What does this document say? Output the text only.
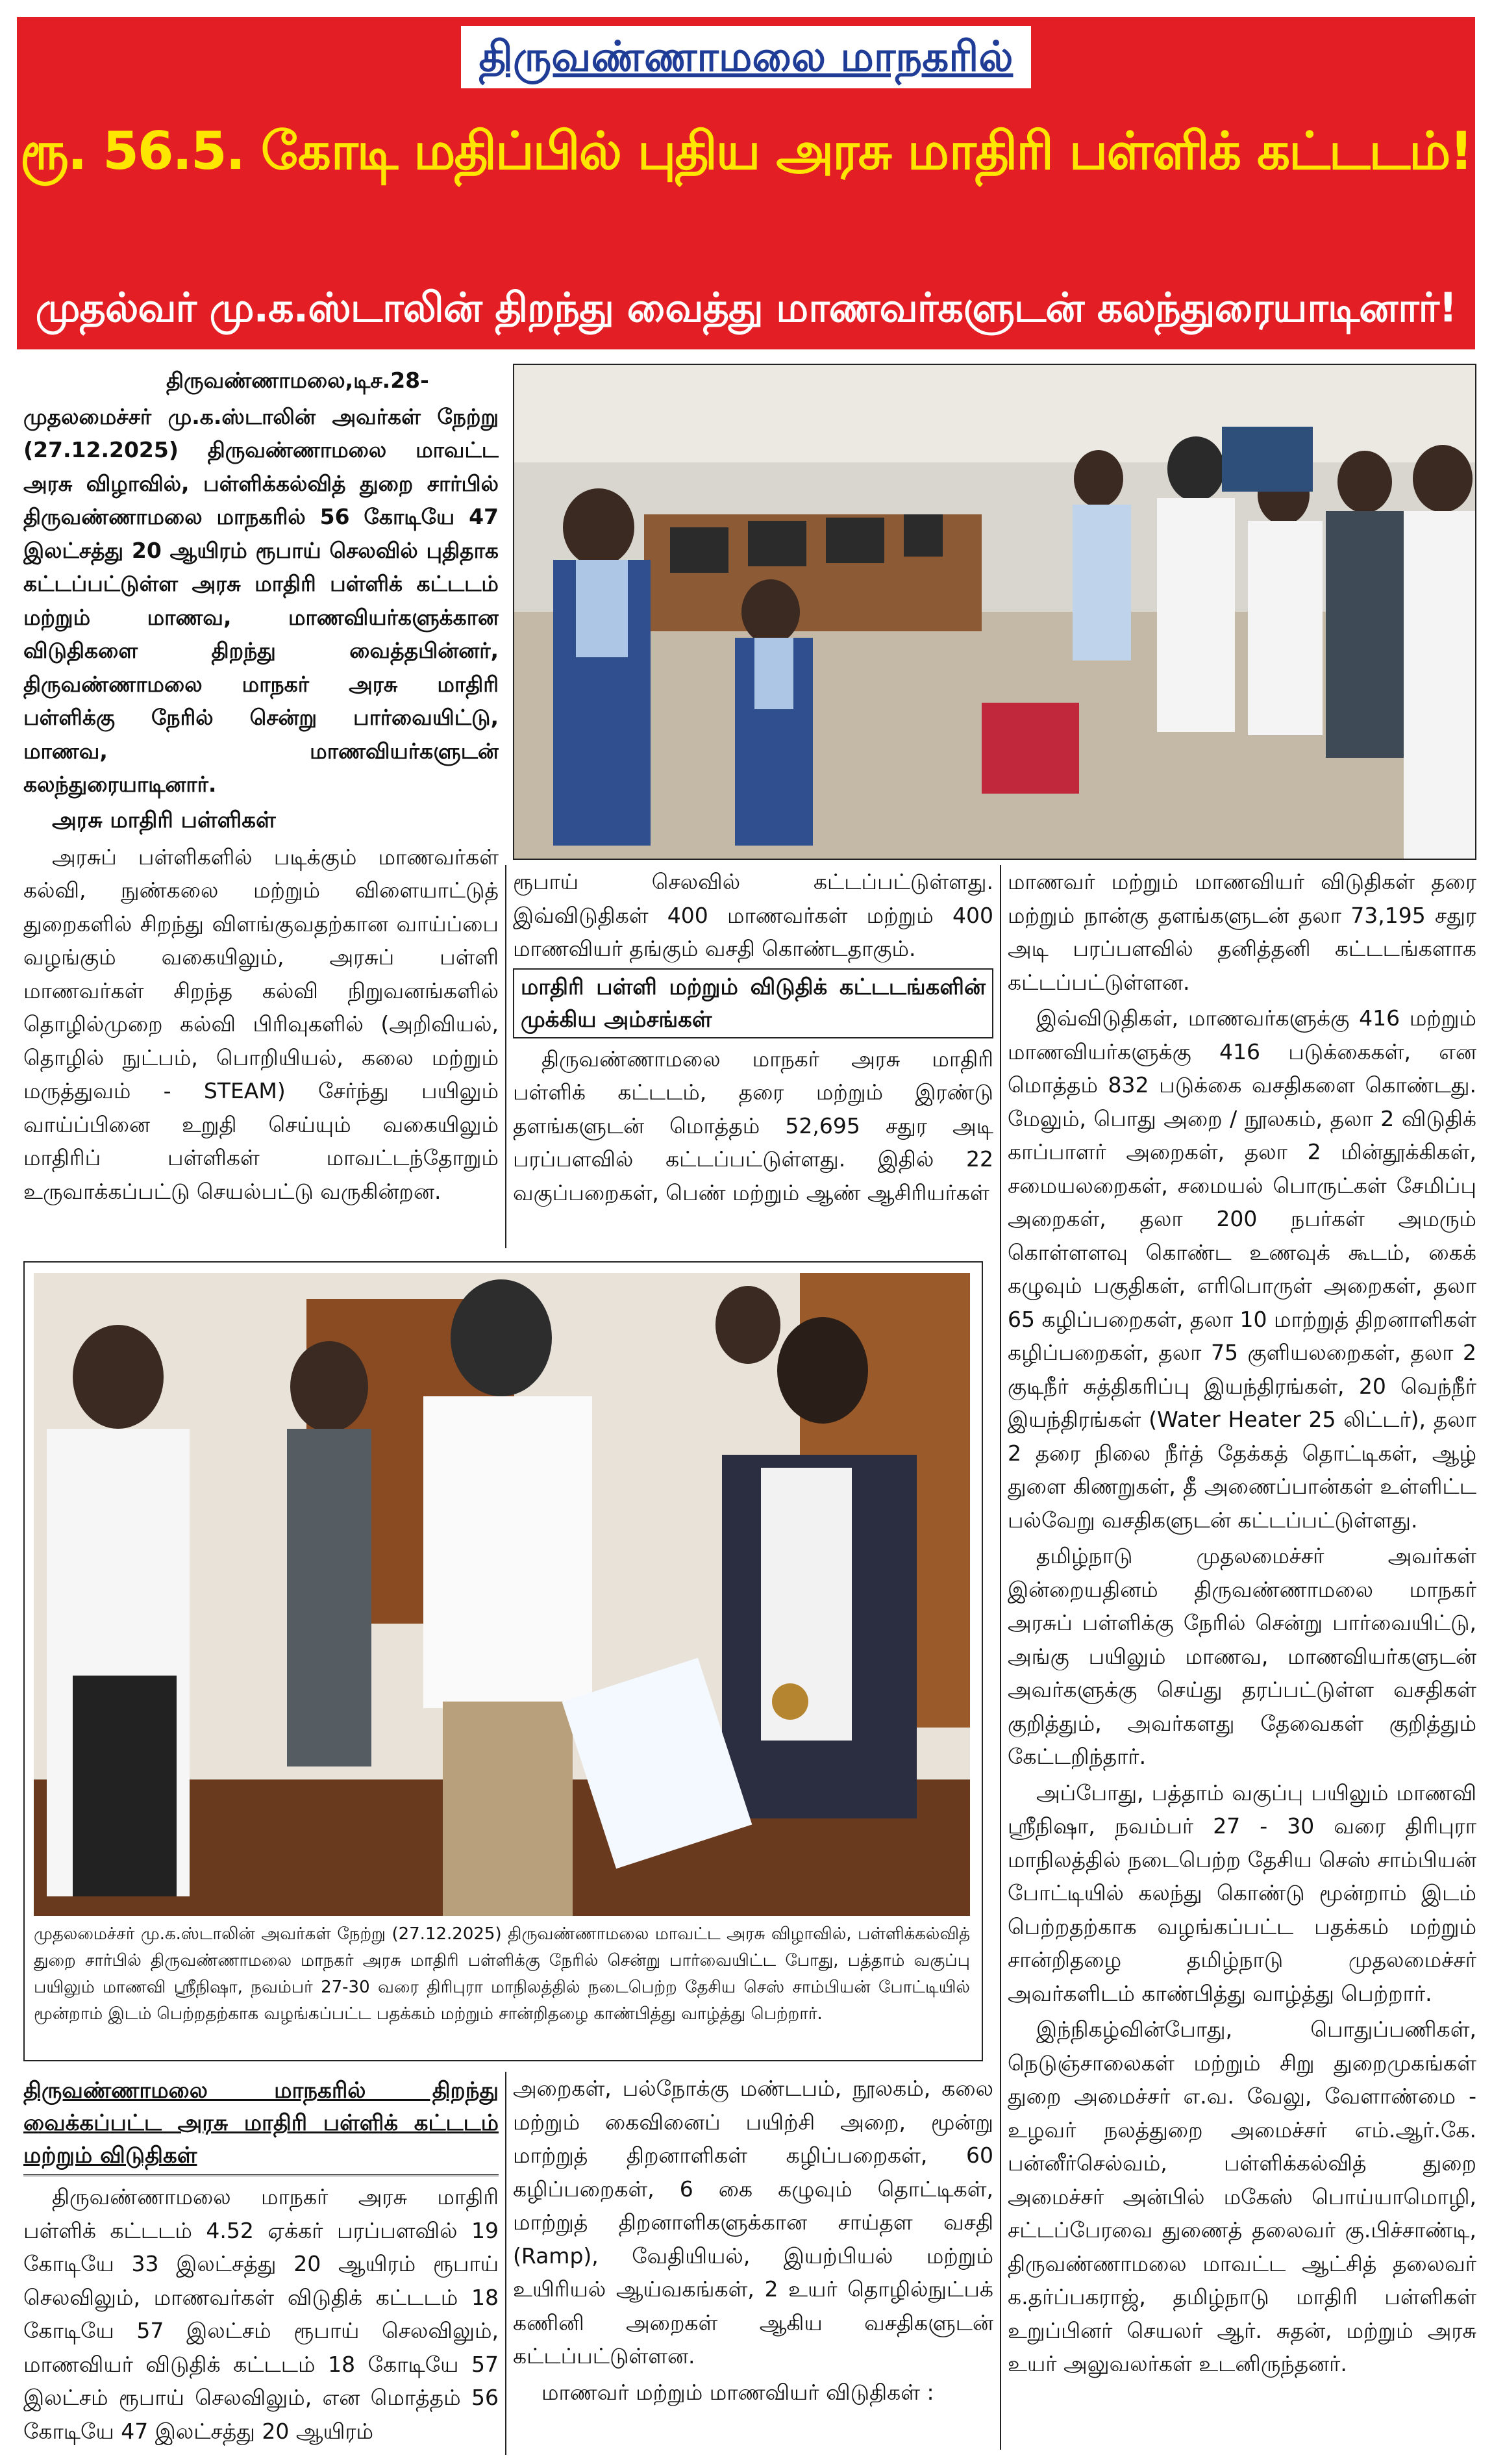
திருவண்ணாமலை மாநகரில்
ரூ. 56.5. கோடி மதிப்பில் புதிய அரசு மாதிரி பள்ளிக் கட்டடம்!
முதல்வர் மு.க.ஸ்டாலின் திறந்து வைத்து மாணவர்களுடன் கலந்துரையாடினார்!

திருவண்ணாமலை,டிச.28-

முதலமைச்சர் மு.க.ஸ்டாலின் அவர்கள் நேற்று (27.12.2025) திருவண்ணாமலை மாவட்ட அரசு விழாவில், பள்ளிக்கல்வித் துறை சார்பில் திருவண்ணாமலை மாநகரில் 56 கோடியே 47 இலட்சத்து 20 ஆயிரம் ரூபாய் செலவில் புதிதாக கட்டப்பட்டுள்ள அரசு மாதிரி பள்ளிக் கட்டடம் மற்றும் மாணவ, மாணவியர்களுக்கான விடுதிகளை திறந்து வைத்தபின்னர், திருவண்ணாமலை மாநகர் அரசு மாதிரி பள்ளிக்கு நேரில் சென்று பார்வையிட்டு, மாணவ, மாணவியர்களுடன் கலந்துரையாடினார்.

அரசு மாதிரி பள்ளிகள்

அரசுப் பள்ளிகளில் படிக்கும் மாணவர்கள் கல்வி, நுண்கலை மற்றும் விளையாட்டுத் துறைகளில் சிறந்து விளங்குவதற்கான வாய்ப்பை வழங்கும் வகையிலும், அரசுப் பள்ளி மாணவர்கள் சிறந்த கல்வி நிறுவனங்களில் தொழில்முறை கல்வி பிரிவுகளில் (அறிவியல், தொழில் நுட்பம், பொறியியல், கலை மற்றும் மருத்துவம் - STEAM) சேர்ந்து பயிலும் வாய்ப்பினை உறுதி செய்யும் வகையிலும் மாதிரிப் பள்ளிகள் மாவட்டந்தோறும் உருவாக்கப்பட்டு செயல்பட்டு வருகின்றன.

ரூபாய் செலவில் கட்டப்பட்டுள்ளது. இவ்விடுதிகள் 400 மாணவர்கள் மற்றும் 400 மாணவியர் தங்கும் வசதி கொண்டதாகும்.

மாதிரி பள்ளி மற்றும் விடுதிக் கட்டடங்களின் முக்கிய அம்சங்கள்

திருவண்ணாமலை மாநகர் அரசு மாதிரி பள்ளிக் கட்டடம், தரை மற்றும் இரண்டு தளங்களுடன் மொத்தம் 52,695 சதுர அடி பரப்பளவில் கட்டப்பட்டுள்ளது. இதில் 22 வகுப்பறைகள், பெண் மற்றும் ஆண் ஆசிரியர்கள்

மாணவர் மற்றும் மாணவியர் விடுதிகள் தரை மற்றும் நான்கு தளங்களுடன் தலா 73,195 சதுர அடி பரப்பளவில் தனித்தனி கட்டடங்களாக கட்டப்பட்டுள்ளன.

இவ்விடுதிகள், மாணவர்களுக்கு 416 மற்றும் மாணவியர்களுக்கு 416 படுக்கைகள், என மொத்தம் 832 படுக்கை வசதிகளை கொண்டது. மேலும், பொது அறை / நூலகம், தலா 2 விடுதிக் காப்பாளர் அறைகள், தலா 2 மின்தூக்கிகள், சமையலறைகள், சமையல் பொருட்கள் சேமிப்பு அறைகள், தலா 200 நபர்கள் அமரும் கொள்ளளவு கொண்ட உணவுக் கூடம், கைக் கழுவும் பகுதிகள், எரிபொருள் அறைகள், தலா 65 கழிப்பறைகள், தலா 10 மாற்றுத் திறனாளிகள் கழிப்பறைகள், தலா 75 குளியலறைகள், தலா 2 குடிநீர் சுத்திகரிப்பு இயந்திரங்கள், 20 வெந்நீர் இயந்திரங்கள் (Water Heater 25 லிட்டர்), தலா 2 தரை நிலை நீர்த் தேக்கத் தொட்டிகள், ஆழ் துளை கிணறுகள், தீ அணைப்பான்கள் உள்ளிட்ட பல்வேறு வசதிகளுடன் கட்டப்பட்டுள்ளது.

தமிழ்நாடு முதலமைச்சர் அவர்கள் இன்றையதினம் திருவண்ணாமலை மாநகர் அரசுப் பள்ளிக்கு நேரில் சென்று பார்வையிட்டு, அங்கு பயிலும் மாணவ, மாணவியர்களுடன் அவர்களுக்கு செய்து தரப்பட்டுள்ள வசதிகள் குறித்தும், அவர்களது தேவைகள் குறித்தும் கேட்டறிந்தார்.

அப்போது, பத்தாம் வகுப்பு பயிலும் மாணவி ஸ்ரீநிஷா, நவம்பர் 27 - 30 வரை திரிபுரா மாநிலத்தில் நடைபெற்ற தேசிய செஸ் சாம்பியன் போட்டியில் கலந்து கொண்டு மூன்றாம் இடம் பெற்றதற்காக வழங்கப்பட்ட பதக்கம் மற்றும் சான்றிதழை தமிழ்நாடு முதலமைச்சர் அவர்களிடம் காண்பித்து வாழ்த்து பெற்றார்.

இந்நிகழ்வின்போது, பொதுப்பணிகள், நெடுஞ்சாலைகள் மற்றும் சிறு துறைமுகங்கள் துறை அமைச்சர் எ.வ. வேலு, வேளாண்மை - உழவர் நலத்துறை அமைச்சர் எம்.ஆர்.கே. பன்னீர்செல்வம், பள்ளிக்கல்வித் துறை அமைச்சர் அன்பில் மகேஸ் பொய்யாமொழி, சட்டப்பேரவை துணைத் தலைவர் கு.பிச்சாண்டி, திருவண்ணாமலை மாவட்ட ஆட்சித் தலைவர் க.தர்ப்பகராஜ், தமிழ்நாடு மாதிரி பள்ளிகள் உறுப்பினர் செயலர் ஆர். சுதன், மற்றும் அரசு உயர் அலுவலர்கள் உடனிருந்தனர்.

முதலமைச்சர் மு.க.ஸ்டாலின் அவர்கள் நேற்று (27.12.2025) திருவண்ணாமலை மாவட்ட அரசு விழாவில், பள்ளிக்கல்வித் துறை சார்பில் திருவண்ணாமலை மாநகர் அரசு மாதிரி பள்ளிக்கு நேரில் சென்று பார்வையிட்ட போது, பத்தாம் வகுப்பு பயிலும் மாணவி ஸ்ரீநிஷா, நவம்பர் 27-30 வரை திரிபுரா மாநிலத்தில் நடைபெற்ற தேசிய செஸ் சாம்பியன் போட்டியில் மூன்றாம் இடம் பெற்றதற்காக வழங்கப்பட்ட பதக்கம் மற்றும் சான்றிதழை காண்பித்து வாழ்த்து பெற்றார்.
திருவண்ணாமலை மாநகரில் திறந்து வைக்கப்பட்ட அரசு மாதிரி பள்ளிக் கட்டடம் மற்றும் விடுதிகள்

திருவண்ணாமலை மாநகர் அரசு மாதிரி பள்ளிக் கட்டடம் 4.52 ஏக்கர் பரப்பளவில் 19 கோடியே 33 இலட்சத்து 20 ஆயிரம் ரூபாய் செலவிலும், மாணவர்கள் விடுதிக் கட்டடம் 18 கோடியே 57 இலட்சம் ரூபாய் செலவிலும், மாணவியர் விடுதிக் கட்டடம் 18 கோடியே 57 இலட்சம் ரூபாய் செலவிலும், என மொத்தம் 56 கோடியே 47 இலட்சத்து 20 ஆயிரம்

அறைகள், பல்நோக்கு மண்டபம், நூலகம், கலை மற்றும் கைவினைப் பயிற்சி அறை, மூன்று மாற்றுத் திறனாளிகள் கழிப்பறைகள், 60 கழிப்பறைகள், 6 கை கழுவும் தொட்டிகள், மாற்றுத் திறனாளிகளுக்கான சாய்தள வசதி (Ramp), வேதியியல், இயற்பியல் மற்றும் உயிரியல் ஆய்வகங்கள், 2 உயர் தொழில்நுட்பக் கணினி அறைகள் ஆகிய வசதிகளுடன் கட்டப்பட்டுள்ளன.

மாணவர் மற்றும் மாணவியர் விடுதிகள் :
